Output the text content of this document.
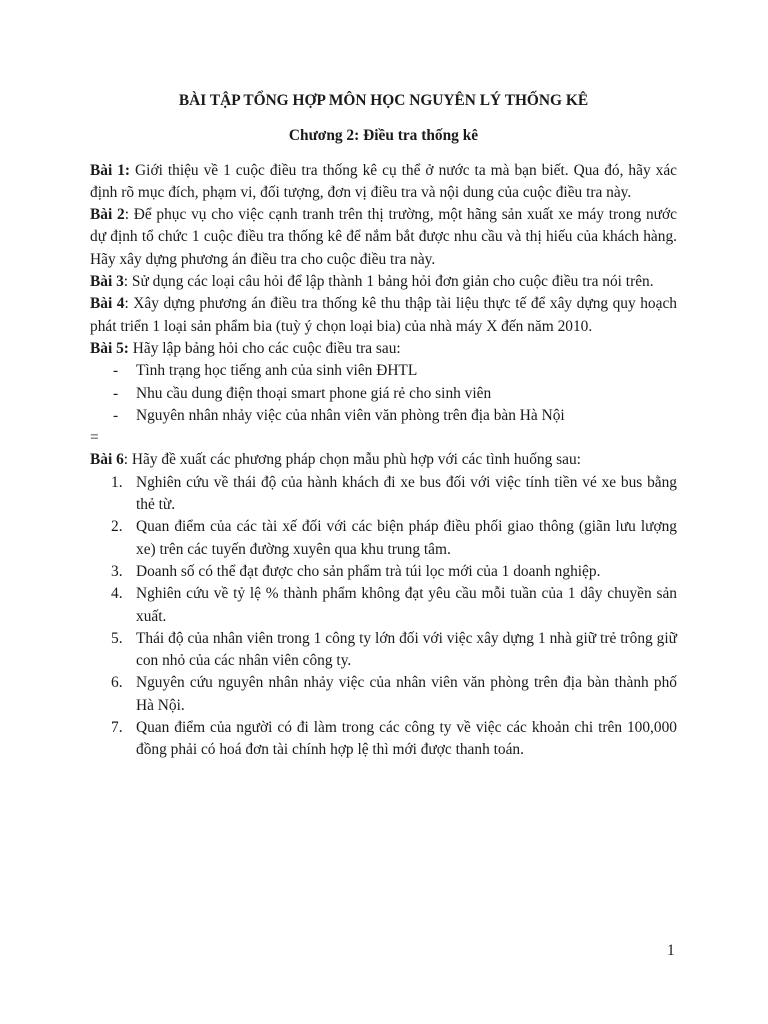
BÀI TẬP TỔNG HỢP MÔN HỌC NGUYÊN LÝ THỐNG KÊ

Chương 2: Điều tra thống kê

Bài 1: Giới thiệu về 1 cuộc điều tra thống kê cụ thể ở nước ta mà bạn biết. Qua đó, hãy xác định rõ mục đích, phạm vi, đối tượng, đơn vị điều tra và nội dung của cuộc điều tra này.

Bài 2: Để phục vụ cho việc cạnh tranh trên thị trường, một hãng sản xuất xe máy trong nước dự định tổ chức 1 cuộc điều tra thống kê để nắm bắt được nhu cầu và thị hiếu của khách hàng. Hãy xây dựng phương án điều tra cho cuộc điều tra này.

Bài 3: Sử dụng các loại câu hỏi để lập thành 1 bảng hỏi đơn giản cho cuộc điều tra nói trên.

Bài 4: Xây dựng phương án điều tra thống kê thu thập tài liệu thực tế để xây dựng quy hoạch phát triển 1 loại sản phẩm bia (tuỳ ý chọn loại bia) của nhà máy X đến năm 2010.

Bài 5: Hãy lập bảng hỏi cho các cuộc điều tra sau:

- Tình trạng học tiếng anh của sinh viên ĐHTL
- Nhu cầu dung điện thoại smart phone giá rẻ cho sinh viên
- Nguyên nhân nhảy việc của nhân viên văn phòng trên địa bàn Hà Nội

=

Bài 6: Hãy đề xuất các phương pháp chọn mẫu phù hợp với các tình huống sau:

1. Nghiên cứu về thái độ của hành khách đi xe bus đối với việc tính tiền vé xe bus bằng thẻ từ.
2. Quan điểm của các tài xế đối với các biện pháp điều phối giao thông (giãn lưu lượng xe) trên các tuyến đường xuyên qua khu trung tâm.
3. Doanh số có thể đạt được cho sản phẩm trà túi lọc mới của 1 doanh nghiệp.
4. Nghiên cứu về tỷ lệ % thành phẩm không đạt yêu cầu mỗi tuần của 1 dây chuyền sản xuất.
5. Thái độ của nhân viên trong 1 công ty lớn đối với việc xây dựng 1 nhà giữ trẻ trông giữ con nhỏ của các nhân viên công ty.
6. Nguyên cứu nguyên nhân nhảy việc của nhân viên văn phòng trên địa bàn thành phố Hà Nội.
7. Quan điểm của người có đi làm trong các công ty về việc các khoản chi trên 100,000 đồng phải có hoá đơn tài chính hợp lệ thì mới được thanh toán.
1
